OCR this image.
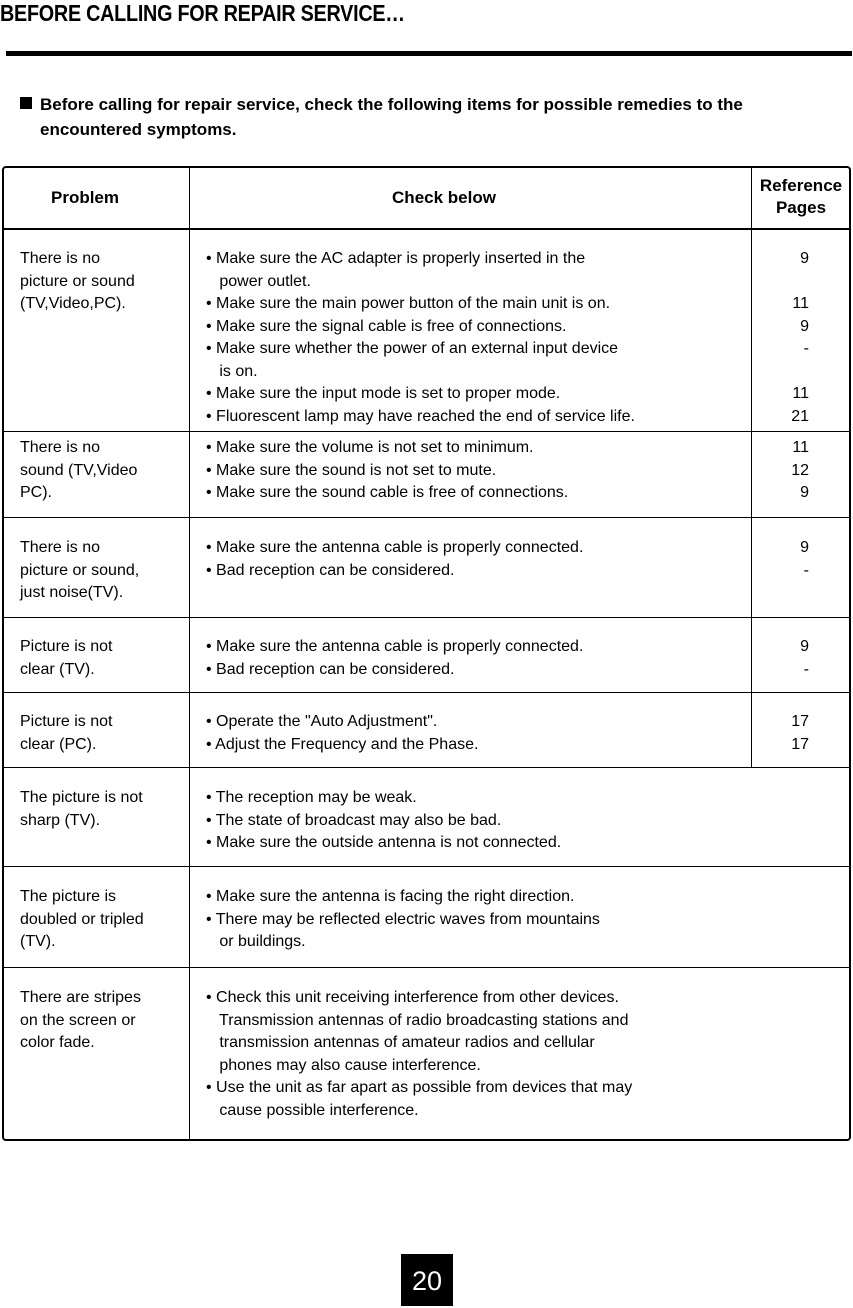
BEFORE CALLING FOR REPAIR SERVICE…
Before calling for repair service, check the following items for possible remedies to the
encountered symptoms.
Problem	Check below
Reference
Pages
There is no
picture or sound
(TV,Video,PC).
• Make sure the AC adapter is properly inserted in the
power outlet.
• Make sure the main power button of the main unit is on.
• Make sure the signal cable is free of connections.
• Make sure whether the power of an external input device
is on.
• Make sure the input mode is set to proper mode.
• Fluorescent lamp may have reached the end of service life.
9

11
9
-

11
21
There is no
sound (TV,Video
PC).
• Make sure the volume is not set to minimum.
• Make sure the sound is not set to mute.
• Make sure the sound cable is free of connections.
11
12
9
There is no
picture or sound,
just noise(TV).
• Make sure the antenna cable is properly connected.
• Bad reception can be considered.
9
-
Picture is not
clear (TV).
• Make sure the antenna cable is properly connected.
• Bad reception can be considered.
9
-
Picture is not
clear (PC).
• Operate the "Auto Adjustment".
• Adjust the Frequency and the Phase.
17
17
The picture is not
sharp (TV).
• The reception may be weak.
• The state of broadcast may also be bad.
• Make sure the outside antenna is not connected.
The picture is
doubled or tripled
(TV).
• Make sure the antenna is facing the right direction.
• There may be reflected electric waves from mountains
or buildings.
There are stripes
on the screen or
color fade.
• Check this unit receiving interference from other devices.
Transmission antennas of radio broadcasting stations and
transmission antennas of amateur radios and cellular
phones may also cause interference.
• Use the unit as far apart as possible from devices that may
cause possible interference.
20
